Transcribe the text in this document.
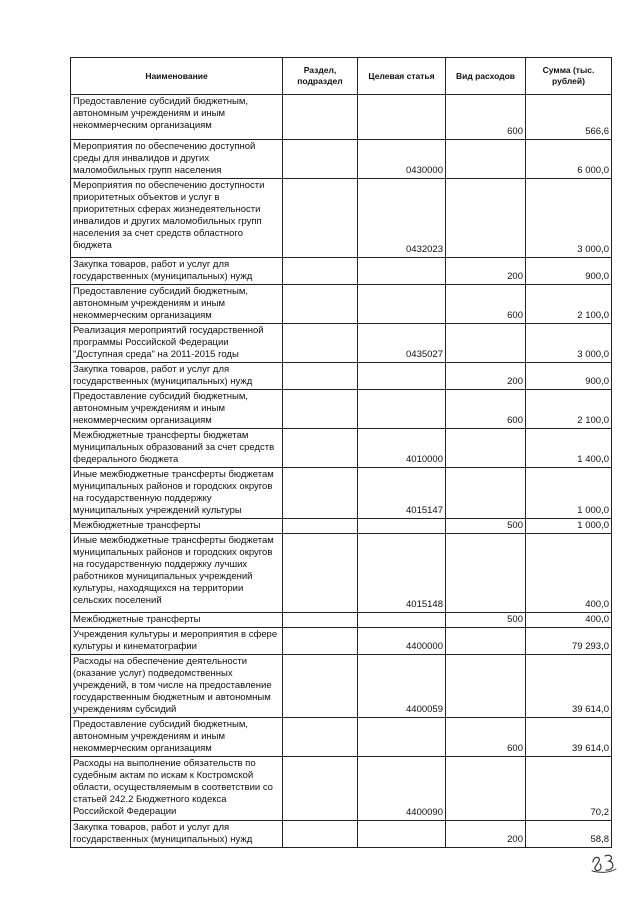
Наименование	Раздел, подраздел	Целевая статья	Вид расходов	Сумма (тыс. рублей)
Предоставление субсидий бюджетным, автономным учреждениям и иным некоммерческим организациям			600	566,6
Мероприятия по обеспечению доступной среды для инвалидов и других маломобильных групп населения		0430000		6 000,0
Мероприятия по обеспечению доступности приоритетных объектов и услуг в приоритетных сферах жизнедеятельности инвалидов и других маломобильных групп населения за счет средств областного бюджета		0432023		3 000,0
Закупка товаров, работ и услуг для государственных (муниципальных) нужд			200	900,0
Предоставление субсидий бюджетным, автономным учреждениям и иным некоммерческим организациям			600	2 100,0
Реализация мероприятий государственной программы Российской Федерации "Доступная среда" на 2011-2015 годы		0435027		3 000,0
Закупка товаров, работ и услуг для государственных (муниципальных) нужд			200	900,0
Предоставление субсидий бюджетным, автономным учреждениям и иным некоммерческим организациям			600	2 100,0
Межбюджетные трансферты бюджетам муниципальных образований за счет средств федерального бюджета		4010000		1 400,0
Иные межбюджетные трансферты бюджетам муниципальных районов и городских округов на государственную поддержку муниципальных учреждений культуры		4015147		1 000,0
Межбюджетные трансферты			500	1 000,0
Иные межбюджетные трансферты бюджетам муниципальных районов и городских округов на государственную поддержку лучших работников муниципальных учреждений культуры, находящихся на территории сельских поселений		4015148		400,0
Межбюджетные трансферты			500	400,0
Учреждения культуры и мероприятия в сфере культуры и кинематографии		4400000		79 293,0
Расходы на обеспечение деятельности (оказание услуг) подведомственных учреждений, в том числе на предоставление государственным бюджетным и автономным учреждениям субсидий		4400059		39 614,0
Предоставление субсидий бюджетным, автономным учреждениям и иным некоммерческим организациям			600	39 614,0
Расходы на выполнение обязательств по судебным актам по искам к Костромской области, осуществляемым в соответствии со статьей 242.2 Бюджетного кодекса Российской Федерации		4400090		70,2
Закупка товаров, работ и услуг для государственных (муниципальных) нужд			200	58,8
